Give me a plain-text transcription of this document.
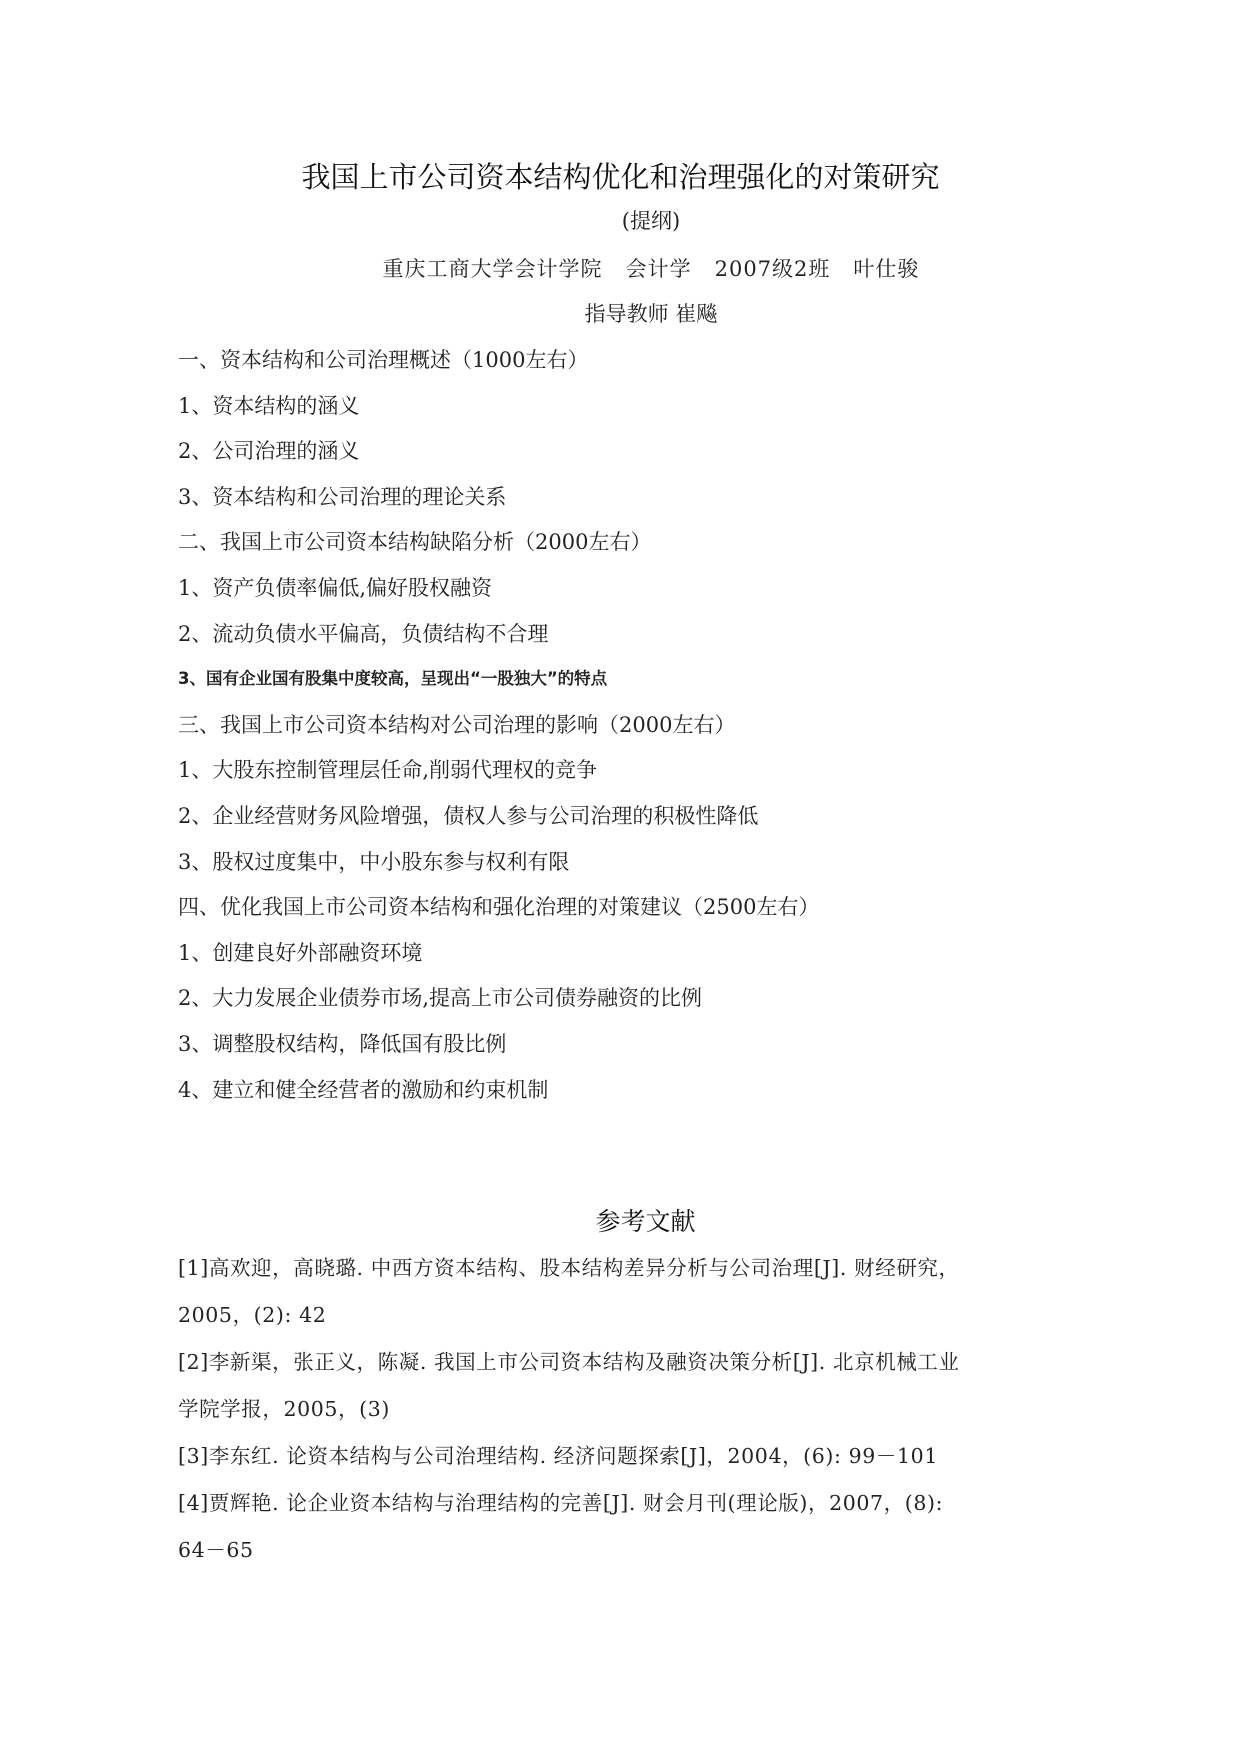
我国上市公司资本结构优化和治理强化的对策研究
(提纲)
重庆工商大学会计学院   会计学   2007级2班   叶仕骏
指导教师 崔飚
一、资本结构和公司治理概述（1000左右）
1、资本结构的涵义
2、公司治理的涵义
3、资本结构和公司治理的理论关系
二、我国上市公司资本结构缺陷分析（2000左右）
1、资产负债率偏低,偏好股权融资
2、流动负债水平偏高，负债结构不合理
3、国有企业国有股集中度较高，呈现出“一股独大”的特点
三、我国上市公司资本结构对公司治理的影响（2000左右）
1、大股东控制管理层任命,削弱代理权的竞争
2、企业经营财务风险增强，债权人参与公司治理的积极性降低
3、股权过度集中，中小股东参与权利有限
四、优化我国上市公司资本结构和强化治理的对策建议（2500左右）
1、创建良好外部融资环境
2、大力发展企业债券市场,提高上市公司债券融资的比例
3、调整股权结构，降低国有股比例
4、建立和健全经营者的激励和约束机制
参考文献
[1]高欢迎，高晓璐. 中西方资本结构、股本结构差异分析与公司治理[J]. 财经研究，
2005，(2): 42
[2]李新渠，张正义，陈凝. 我国上市公司资本结构及融资决策分析[J]. 北京机械工业
学院学报，2005，(3)
[3]李东红. 论资本结构与公司治理结构. 经济问题探索[J]，2004，(6): 99－101
[4]贾辉艳. 论企业资本结构与治理结构的完善[J]. 财会月刊(理论版)，2007，(8):
64－65
